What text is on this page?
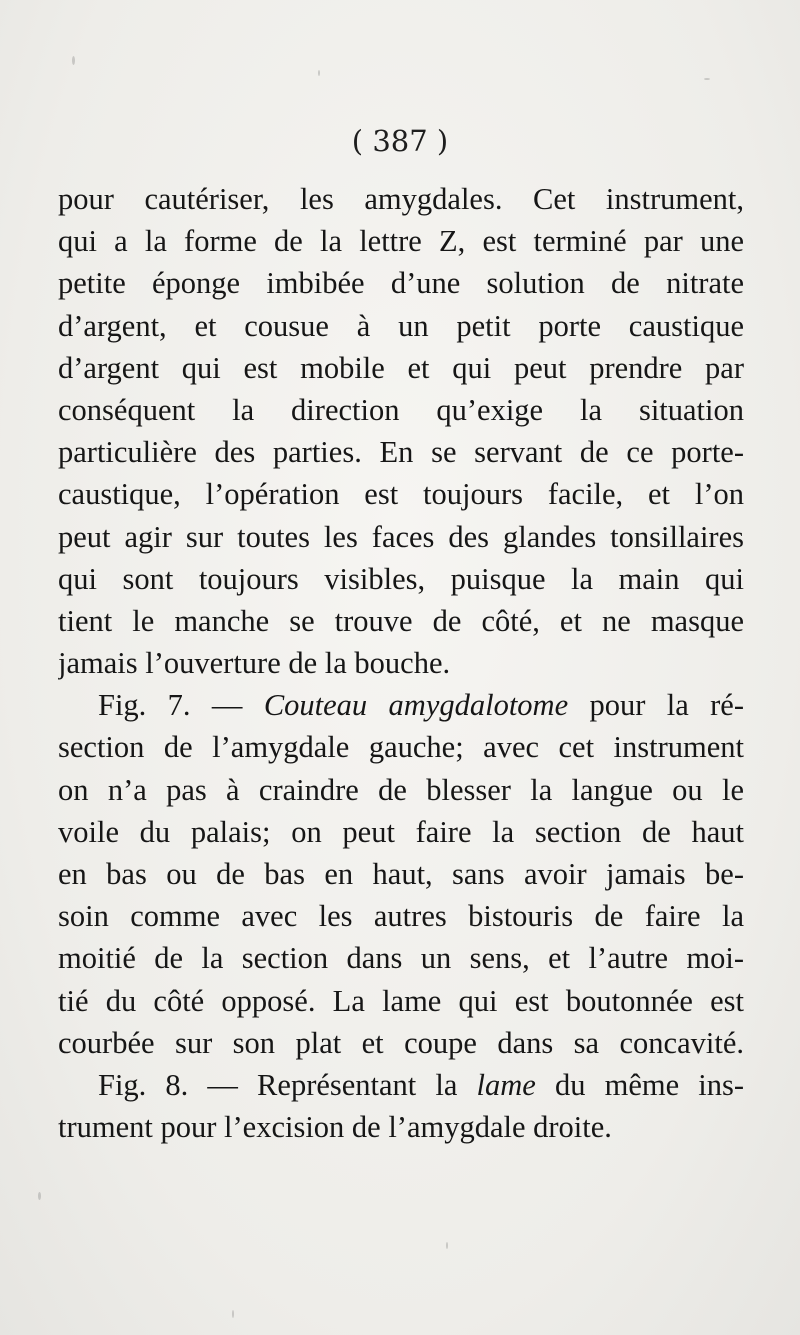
( 387 )
pour cautériser, les amygdales. Cet instrument,
qui a la forme de la lettre Z, est terminé par une
petite éponge imbibée d’une solution de nitrate
d’argent, et cousue à un petit porte caustique
d’argent qui est mobile et qui peut prendre par
conséquent la direction qu’exige la situation
particulière des parties. En se servant de ce porte-
caustique, l’opération est toujours facile, et l’on
peut agir sur toutes les faces des glandes tonsillaires
qui sont toujours visibles, puisque la main qui
tient le manche se trouve de côté, et ne masque
jamais l’ouverture de la bouche.
Fig. 7. — Couteau amygdalotome pour la ré-
section de l’amygdale gauche; avec cet instrument
on n’a pas à craindre de blesser la langue ou le
voile du palais; on peut faire la section de haut
en bas ou de bas en haut, sans avoir jamais be-
soin comme avec les autres bistouris de faire la
moitié de la section dans un sens, et l’autre moi-
tié du côté opposé. La lame qui est boutonnée est
courbée sur son plat et coupe dans sa concavité.
Fig. 8. — Représentant la lame du même ins-
trument pour l’excision de l’amygdale droite.
